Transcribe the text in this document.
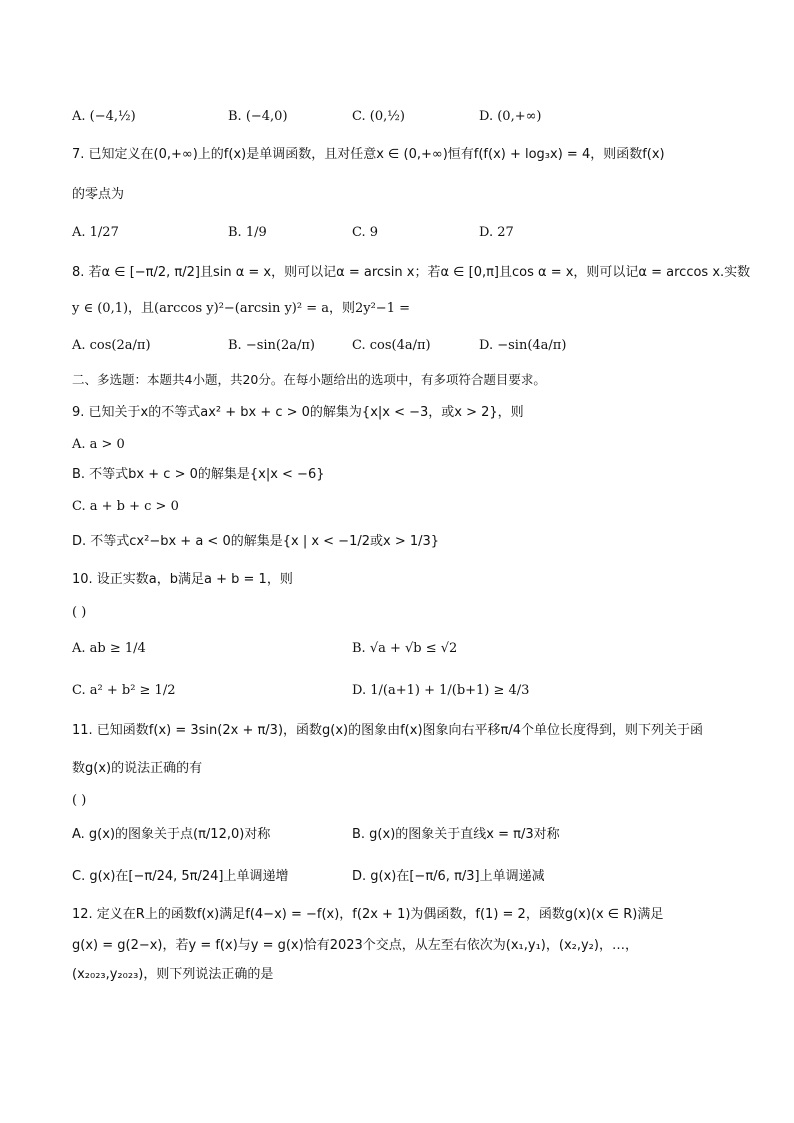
A. (−4,½)	B. (−4,0)	C. (0,½)	D. (0,+∞)
7. 已知定义在(0,+∞)上的f(x)是单调函数，且对任意x ∈ (0,+∞)恒有f(f(x) + log₃x) = 4，则函数f(x)
的零点为
A. 1/27	B. 1/9	C. 9	D. 27
8. 若α ∈ [−π/2, π/2]且sin α = x，则可以记α = arcsin x；若α ∈ [0,π]且cos α = x，则可以记α = arccos x.实数
y ∈ (0,1)，且(arccos y)²−(arcsin y)² = a，则2y²−1 =
A. cos(2a/π)	B. −sin(2a/π)	C. cos(4a/π)	D. −sin(4a/π)
二、多选题：本题共4小题，共20分。在每小题给出的选项中，有多项符合题目要求。
9. 已知关于x的不等式ax² + bx + c > 0的解集为{x|x < −3，或x > 2}，则
A. a > 0
B. 不等式bx + c > 0的解集是{x|x < −6}
C. a + b + c > 0
D. 不等式cx²−bx + a < 0的解集是{x | x < −1/2或x > 1/3}
10. 设正实数a，b满足a + b = 1，则
( )
A. ab ≥ 1/4	B. √a + √b ≤ √2
C. a² + b² ≥ 1/2	D. 1/(a+1) + 1/(b+1) ≥ 4/3
11. 已知函数f(x) = 3sin(2x + π/3)，函数g(x)的图象由f(x)图象向右平移π/4个单位长度得到，则下列关于函
数g(x)的说法正确的有
( )
A. g(x)的图象关于点(π/12,0)对称	B. g(x)的图象关于直线x = π/3对称
C. g(x)在[−π/24, 5π/24]上单调递增	D. g(x)在[−π/6, π/3]上单调递减
12. 定义在R上的函数f(x)满足f(4−x) = −f(x)，f(2x + 1)为偶函数，f(1) = 2，函数g(x)(x ∈ R)满足
g(x) = g(2−x)，若y = f(x)与y = g(x)恰有2023个交点，从左至右依次为(x₁,y₁)，(x₂,y₂)，…，
(x₂₀₂₃,y₂₀₂₃)，则下列说法正确的是
